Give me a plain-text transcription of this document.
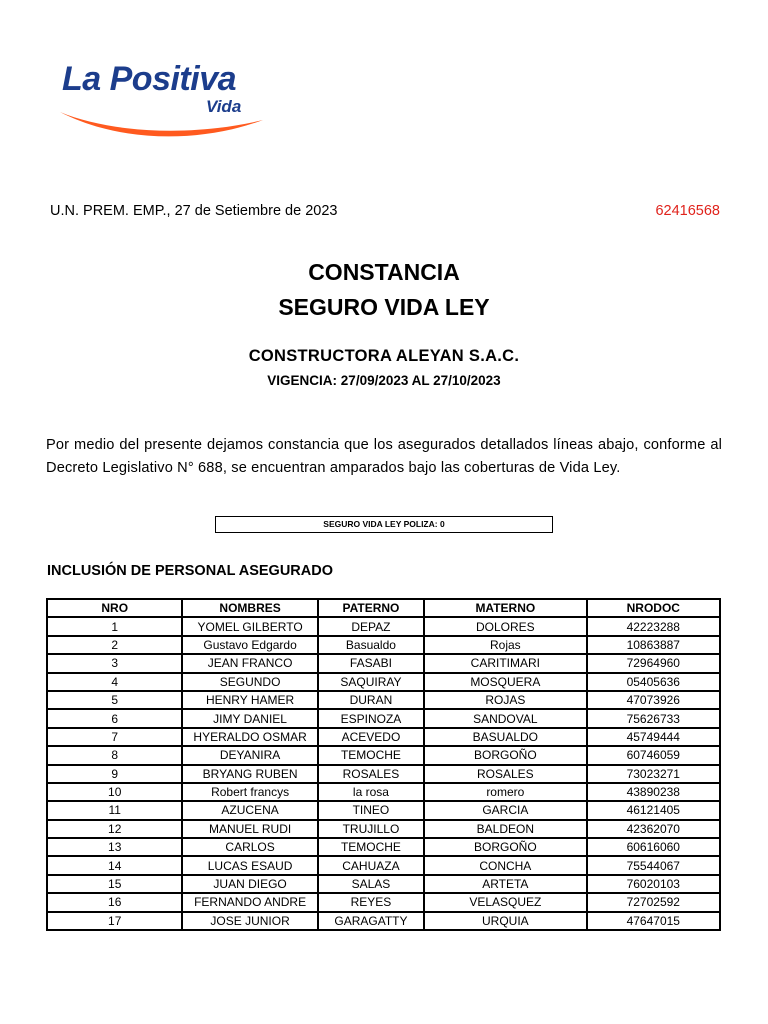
La Positiva
Vida
U.N. PREM. EMP., 27 de Setiembre de 2023	62416568
CONSTANCIA
SEGURO VIDA LEY
CONSTRUCTORA ALEYAN S.A.C.
VIGENCIA: 27/09/2023 AL 27/10/2023
Por medio del presente dejamos constancia que los asegurados detallados líneas abajo, conforme al Decreto Legislativo N° 688, se encuentran amparados bajo las coberturas de Vida Ley.
SEGURO VIDA LEY POLIZA: 0
INCLUSIÓN DE PERSONAL ASEGURADO
NRO	NOMBRES	PATERNO	MATERNO	NRODOC
1	YOMEL GILBERTO	DEPAZ	DOLORES	42223288
2	Gustavo Edgardo	Basualdo	Rojas	10863887
3	JEAN FRANCO	FASABI	CARITIMARI	72964960
4	SEGUNDO	SAQUIRAY	MOSQUERA	05405636
5	HENRY HAMER	DURAN	ROJAS	47073926
6	JIMY DANIEL	ESPINOZA	SANDOVAL	75626733
7	HYERALDO OSMAR	ACEVEDO	BASUALDO	45749444
8	DEYANIRA	TEMOCHE	BORGOÑO	60746059
9	BRYANG RUBEN	ROSALES	ROSALES	73023271
10	Robert francys	la rosa	romero	43890238
11	AZUCENA	TINEO	GARCIA	46121405
12	MANUEL RUDI	TRUJILLO	BALDEON	42362070
13	CARLOS	TEMOCHE	BORGOÑO	60616060
14	LUCAS ESAUD	CAHUAZA	CONCHA	75544067
15	JUAN DIEGO	SALAS	ARTETA	76020103
16	FERNANDO ANDRE	REYES	VELASQUEZ	72702592
17	JOSE JUNIOR	GARAGATTY	URQUIA	47647015
